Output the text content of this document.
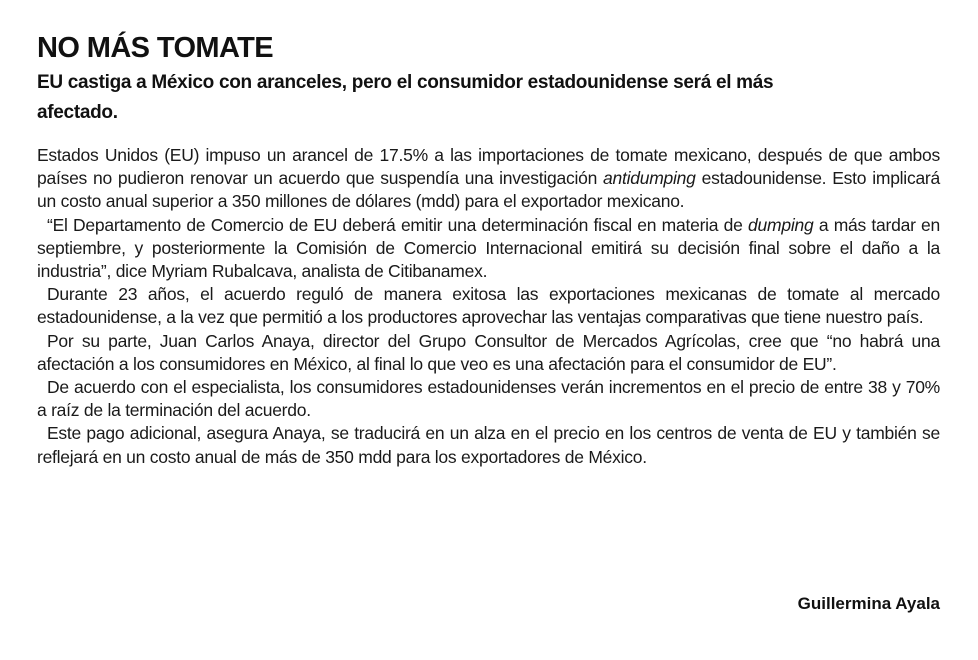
NO MÁS TOMATE
EU castiga a México con aranceles, pero el consumidor estadounidense será el más afectado.

Estados Unidos (EU) impuso un arancel de 17.5% a las importaciones de tomate mexicano, después de que ambos países no pudieron renovar un acuerdo que suspendía una investigación antidumping estadounidense. Esto implicará un costo anual superior a 350 millones de dólares (mdd) para el exportador mexicano.

“El Departamento de Comercio de EU deberá emitir una determinación fiscal en materia de dumping a más tardar en septiembre, y posteriormente la Comisión de Comercio Internacional emitirá su decisión final sobre el daño a la industria”, dice Myriam Rubalcava, analista de Citibanamex.

Durante 23 años, el acuerdo reguló de manera exitosa las exportaciones mexicanas de tomate al mercado estadounidense, a la vez que permitió a los productores aprovechar las ventajas comparativas que tiene nuestro país.

Por su parte, Juan Carlos Anaya, director del Grupo Consultor de Mercados Agrícolas, cree que “no habrá una afectación a los consumidores en México, al final lo que veo es una afectación para el consumidor de EU”.

De acuerdo con el especialista, los consumidores estadounidenses verán incrementos en el precio de entre 38 y 70% a raíz de la terminación del acuerdo.

Este pago adicional, asegura Anaya, se traducirá en un alza en el precio en los centros de venta de EU y también se reflejará en un costo anual de más de 350 mdd para los exportadores de México.

Guillermina Ayala
